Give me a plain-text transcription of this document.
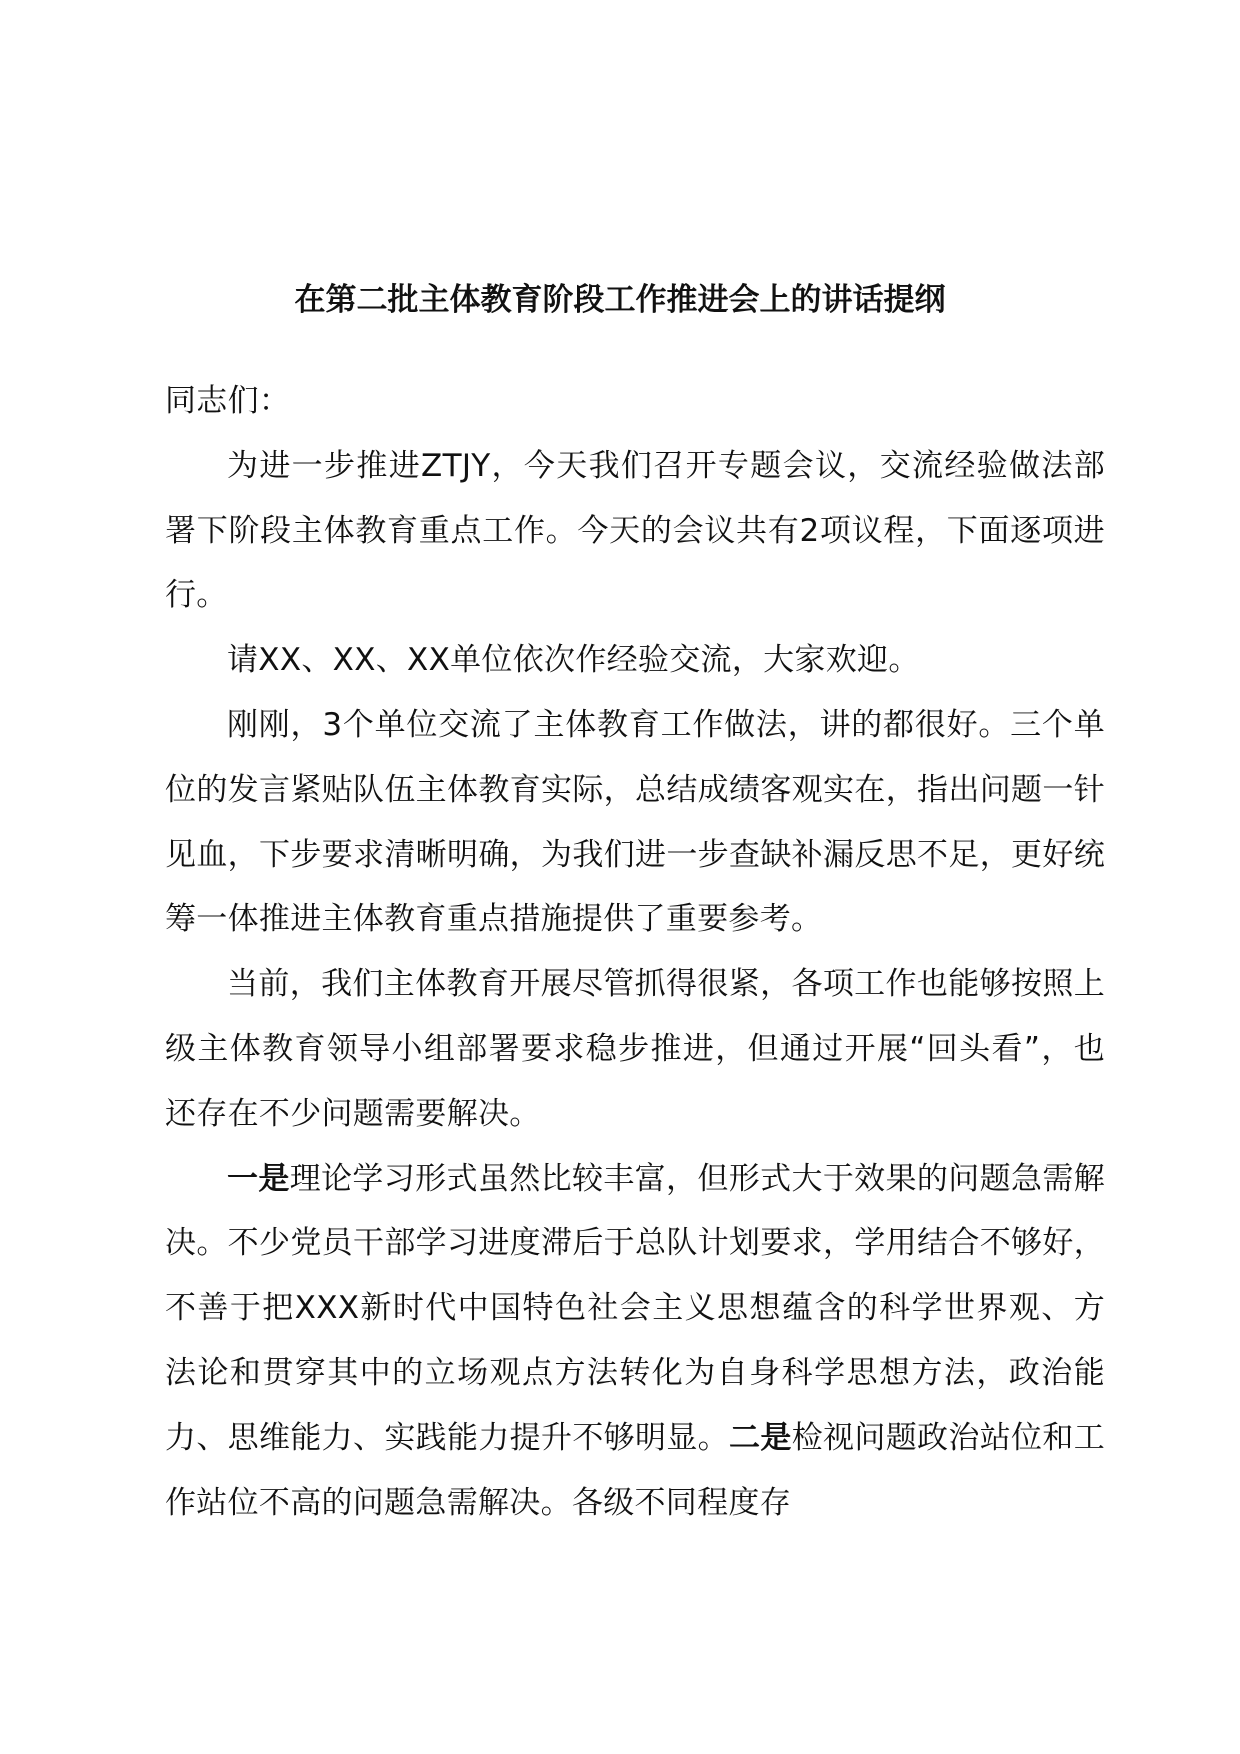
在第二批主体教育阶段工作推进会上的讲话提纲

同志们：

为进一步推进ZTJY，今天我们召开专题会议，交流经验做法部署下阶段主体教育重点工作。今天的会议共有2项议程，下面逐项进行。

请XX、XX、XX单位依次作经验交流，大家欢迎。

刚刚，3个单位交流了主体教育工作做法，讲的都很好。三个单位的发言紧贴队伍主体教育实际，总结成绩客观实在，指出问题一针见血，下步要求清晰明确，为我们进一步查缺补漏反思不足，更好统筹一体推进主体教育重点措施提供了重要参考。

当前，我们主体教育开展尽管抓得很紧，各项工作也能够按照上级主体教育领导小组部署要求稳步推进，但通过开展“回头看”，也还存在不少问题需要解决。

一是理论学习形式虽然比较丰富，但形式大于效果的问题急需解决。不少党员干部学习进度滞后于总队计划要求，学用结合不够好，不善于把XXX新时代中国特色社会主义思想蕴含的科学世界观、方法论和贯穿其中的立场观点方法转化为自身科学思想方法，政治能力、思维能力、实践能力提升不够明显。二是检视问题政治站位和工作站位不高的问题急需解决。各级不同程度存
